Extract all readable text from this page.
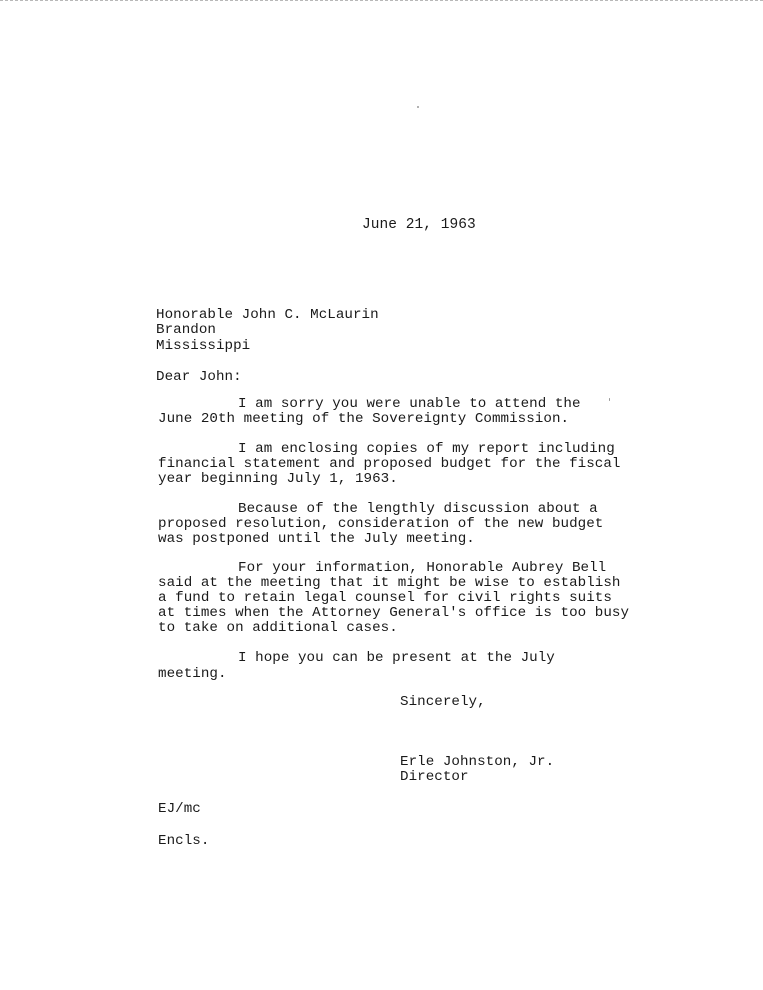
June 21, 1963
Honorable John C. McLaurin
Brandon
Mississippi
Dear John:
I am sorry you were unable to attend the
June 20th meeting of the Sovereignty Commission.
I am enclosing copies of my report including
financial statement and proposed budget for the fiscal
year beginning July 1, 1963.
Because of the lengthly discussion about a
proposed resolution, consideration of the new budget
was postponed until the July meeting.
For your information, Honorable Aubrey Bell
said at the meeting that it might be wise to establish
a fund to retain legal counsel for civil rights suits
at times when the Attorney General's office is too busy
to take on additional cases.
I hope you can be present at the July
meeting.
Sincerely,
Erle Johnston, Jr.
Director
EJ/mc
Encls.
